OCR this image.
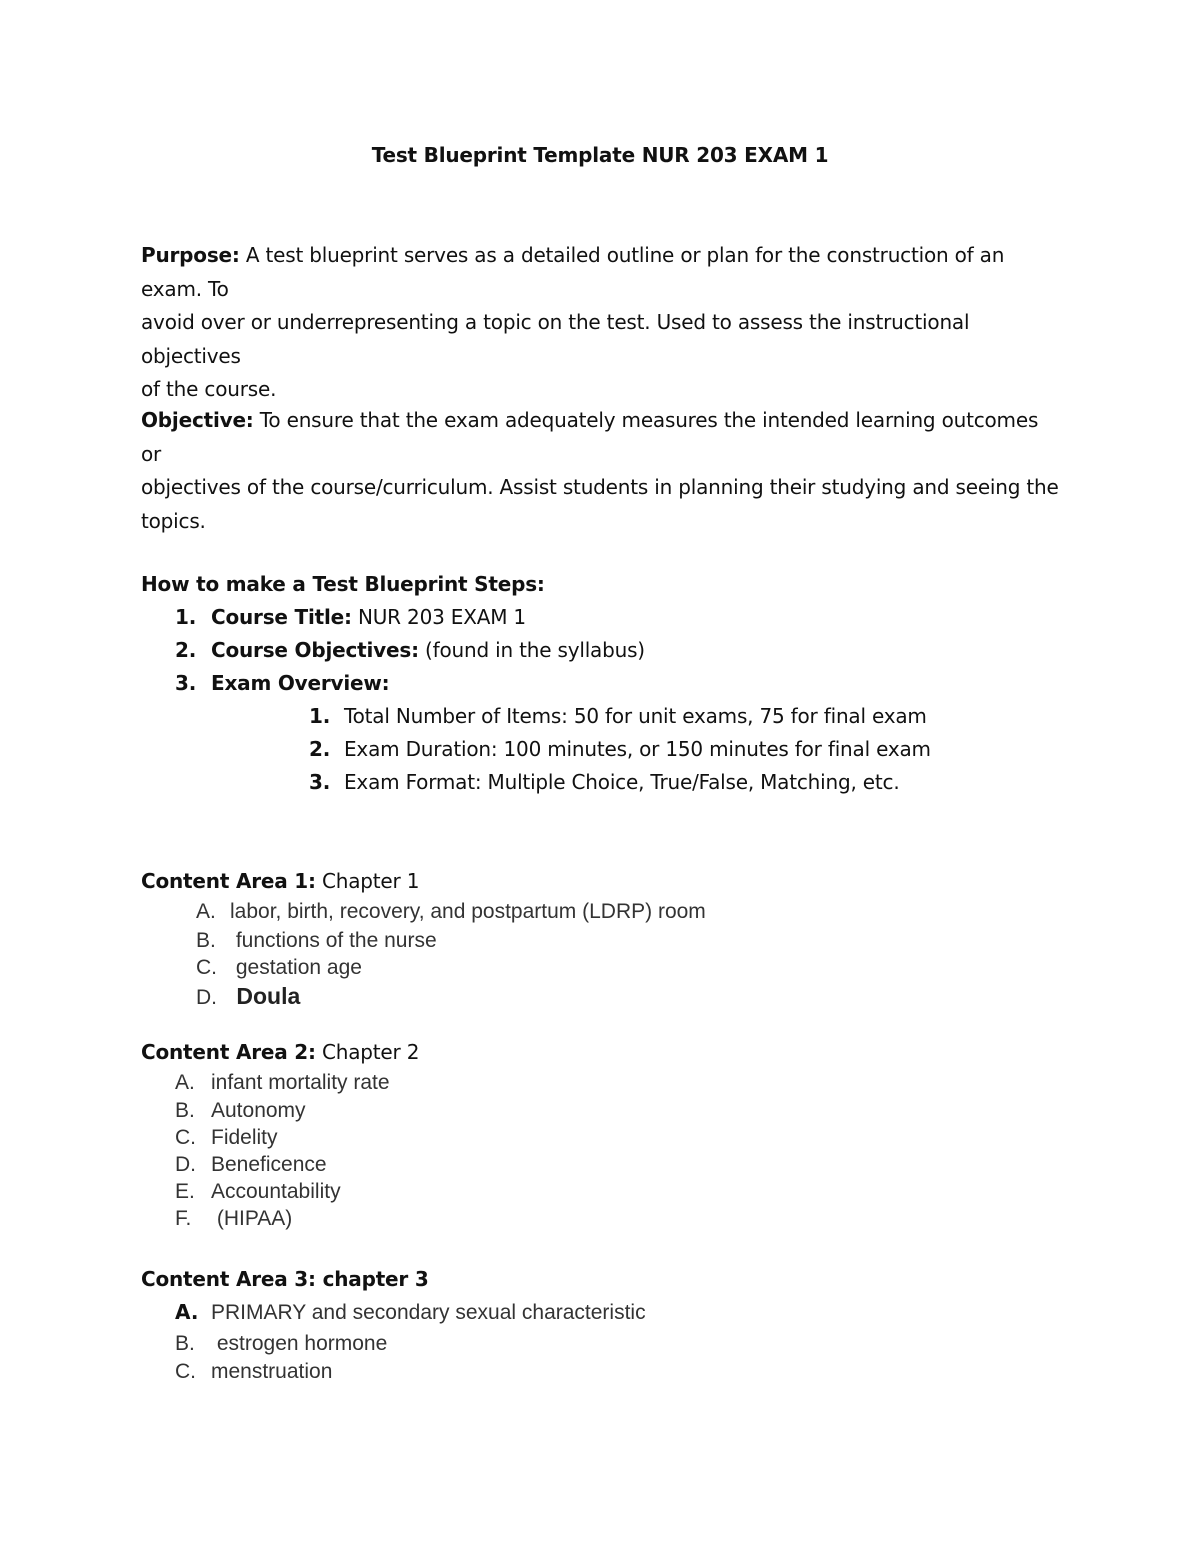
Test Blueprint Template NUR 203 EXAM 1
Purpose: A test blueprint serves as a detailed outline or plan for the construction of an exam. To
avoid over or underrepresenting a topic on the test. Used to assess the instructional objectives
of the course.
Objective: To ensure that the exam adequately measures the intended learning outcomes or
objectives of the course/curriculum. Assist students in planning their studying and seeing the
topics.
How to make a Test Blueprint Steps:
1. Course Title: NUR 203 EXAM 1
2. Course Objectives: (found in the syllabus)
3. Exam Overview:
1. Total Number of Items: 50 for unit exams, 75 for final exam
2. Exam Duration: 100 minutes, or 150 minutes for final exam
3. Exam Format: Multiple Choice, True/False, Matching, etc.
Content Area 1: Chapter 1
A. labor, birth, recovery, and postpartum (LDRP) room
B. functions of the nurse
C. gestation age
D. Doula
Content Area 2: Chapter 2
A. infant mortality rate
B. Autonomy
C. Fidelity
D. Beneficence
E. Accountability
F. (HIPAA)
Content Area 3: chapter 3
A. PRIMARY and secondary sexual characteristic
B. estrogen hormone
C. menstruation
